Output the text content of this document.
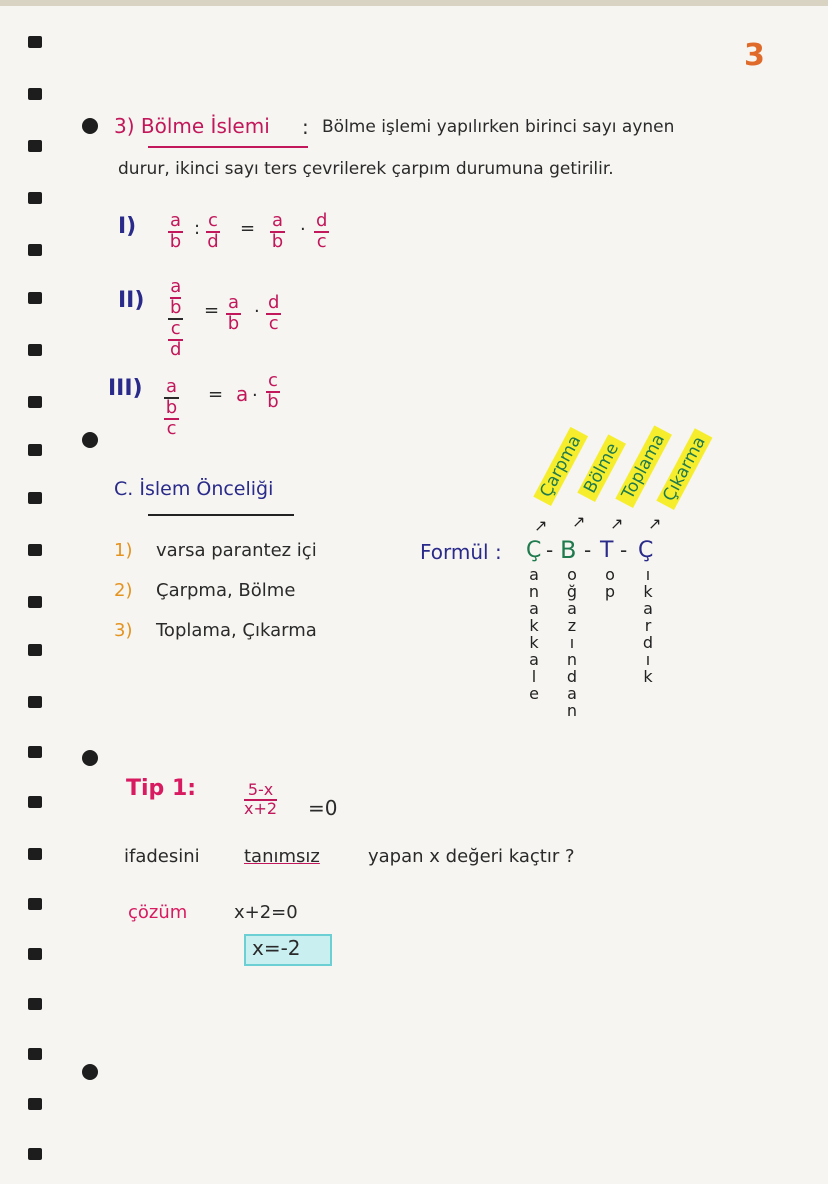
3
3) Bölme İslemi : Bölme işlemi yapılırken birinci sayı aynen
durur, ikinci sayı ters çevrilerek çarpım durumuna getirilir.
$I) \frac{a}{b}$ : $\frac{c}{d} = \frac{a}{b}$ . $\frac{d}{c}$
II) a
b
c
$d = \frac{a}{b}$ . $\frac{d}{c}$
III) a
b
c = a . $\frac{c}{b}$
C. İslem Önceliği
1) varsa parantez içi
2) Çarpma, Bölme
3) Toplama, Çıkarma
Formül : Ç - B - T - Ç
↗ ↗ ↗ ↗
Çarpma
Bölme
Toplama
Çıkarma
a
n
a
k
k
a
l
e
o
ğ
a
z
ı
n
d
a
n
o
p
ı
k
a
r
d
ı
k
Tip 1:	$\frac{5-x}{x+2} =0$
ifadesini tanımsız	yapan x değeri kaçtır ?
çözüm	x+2=0
x=-2
